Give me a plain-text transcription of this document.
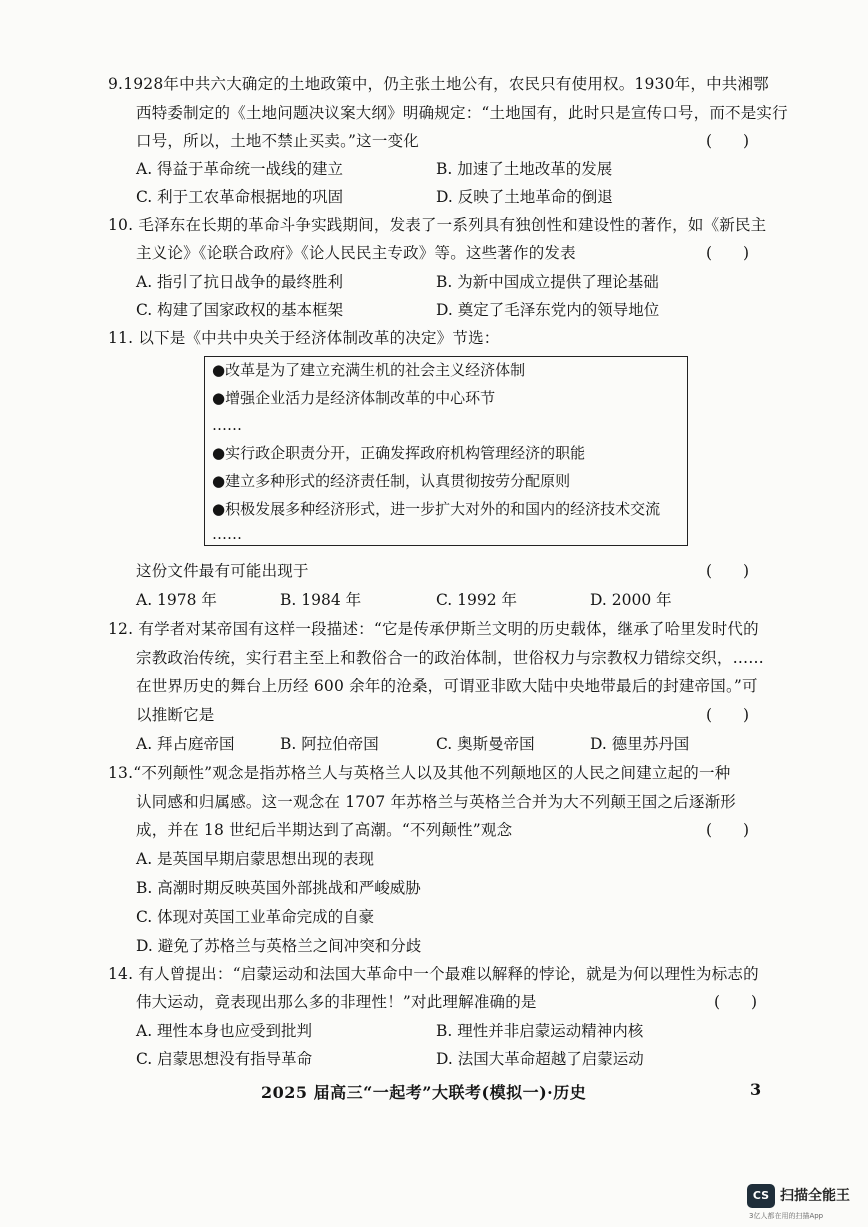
9.1928年中共六大确定的土地政策中，仍主张土地公有，农民只有使用权。1930年，中共湘鄂
西特委制定的《土地问题决议案大纲》明确规定：“土地国有，此时只是宣传口号，而不是实行
口号，所以，土地不禁止买卖。”这一变化	(　　)
A. 得益于革命统一战线的建立	B. 加速了土地改革的发展
C. 利于工农革命根据地的巩固	D. 反映了土地革命的倒退
10. 毛泽东在长期的革命斗争实践期间，发表了一系列具有独创性和建设性的著作，如《新民主
主义论》《论联合政府》《论人民民主专政》等。这些著作的发表	(　　)
A. 指引了抗日战争的最终胜利	B. 为新中国成立提供了理论基础
C. 构建了国家政权的基本框架	D. 奠定了毛泽东党内的领导地位
11. 以下是《中共中央关于经济体制改革的决定》节选：
●改革是为了建立充满生机的社会主义经济体制
●增强企业活力是经济体制改革的中心环节
……
●实行政企职责分开，正确发挥政府机构管理经济的职能
●建立多种形式的经济责任制，认真贯彻按劳分配原则
●积极发展多种经济形式，进一步扩大对外的和国内的经济技术交流
……
这份文件最有可能出现于	(　　)
A. 1978 年	B. 1984 年	C. 1992 年	D. 2000 年
12. 有学者对某帝国有这样一段描述：“它是传承伊斯兰文明的历史载体，继承了哈里发时代的
宗教政治传统，实行君主至上和教俗合一的政治体制，世俗权力与宗教权力错综交织，……
在世界历史的舞台上历经 600 余年的沧桑，可谓亚非欧大陆中央地带最后的封建帝国。”可
以推断它是	(　　)
A. 拜占庭帝国	B. 阿拉伯帝国	C. 奥斯曼帝国	D. 德里苏丹国
13.“不列颠性”观念是指苏格兰人与英格兰人以及其他不列颠地区的人民之间建立起的一种
认同感和归属感。这一观念在 1707 年苏格兰与英格兰合并为大不列颠王国之后逐渐形
成，并在 18 世纪后半期达到了高潮。“不列颠性”观念	(　　)
A. 是英国早期启蒙思想出现的表现
B. 高潮时期反映英国外部挑战和严峻威胁
C. 体现对英国工业革命完成的自豪
D. 避免了苏格兰与英格兰之间冲突和分歧
14. 有人曾提出：“启蒙运动和法国大革命中一个最难以解释的悖论，就是为何以理性为标志的
伟大运动，竟表现出那么多的非理性！”对此理解准确的是	(　　)
A. 理性本身也应受到批判	B. 理性并非启蒙运动精神内核
C. 启蒙思想没有指导革命	D. 法国大革命超越了启蒙运动
2025 届高三“一起考”大联考(模拟一)·历史	3
CS 扫描全能王
3亿人都在用的扫描App
